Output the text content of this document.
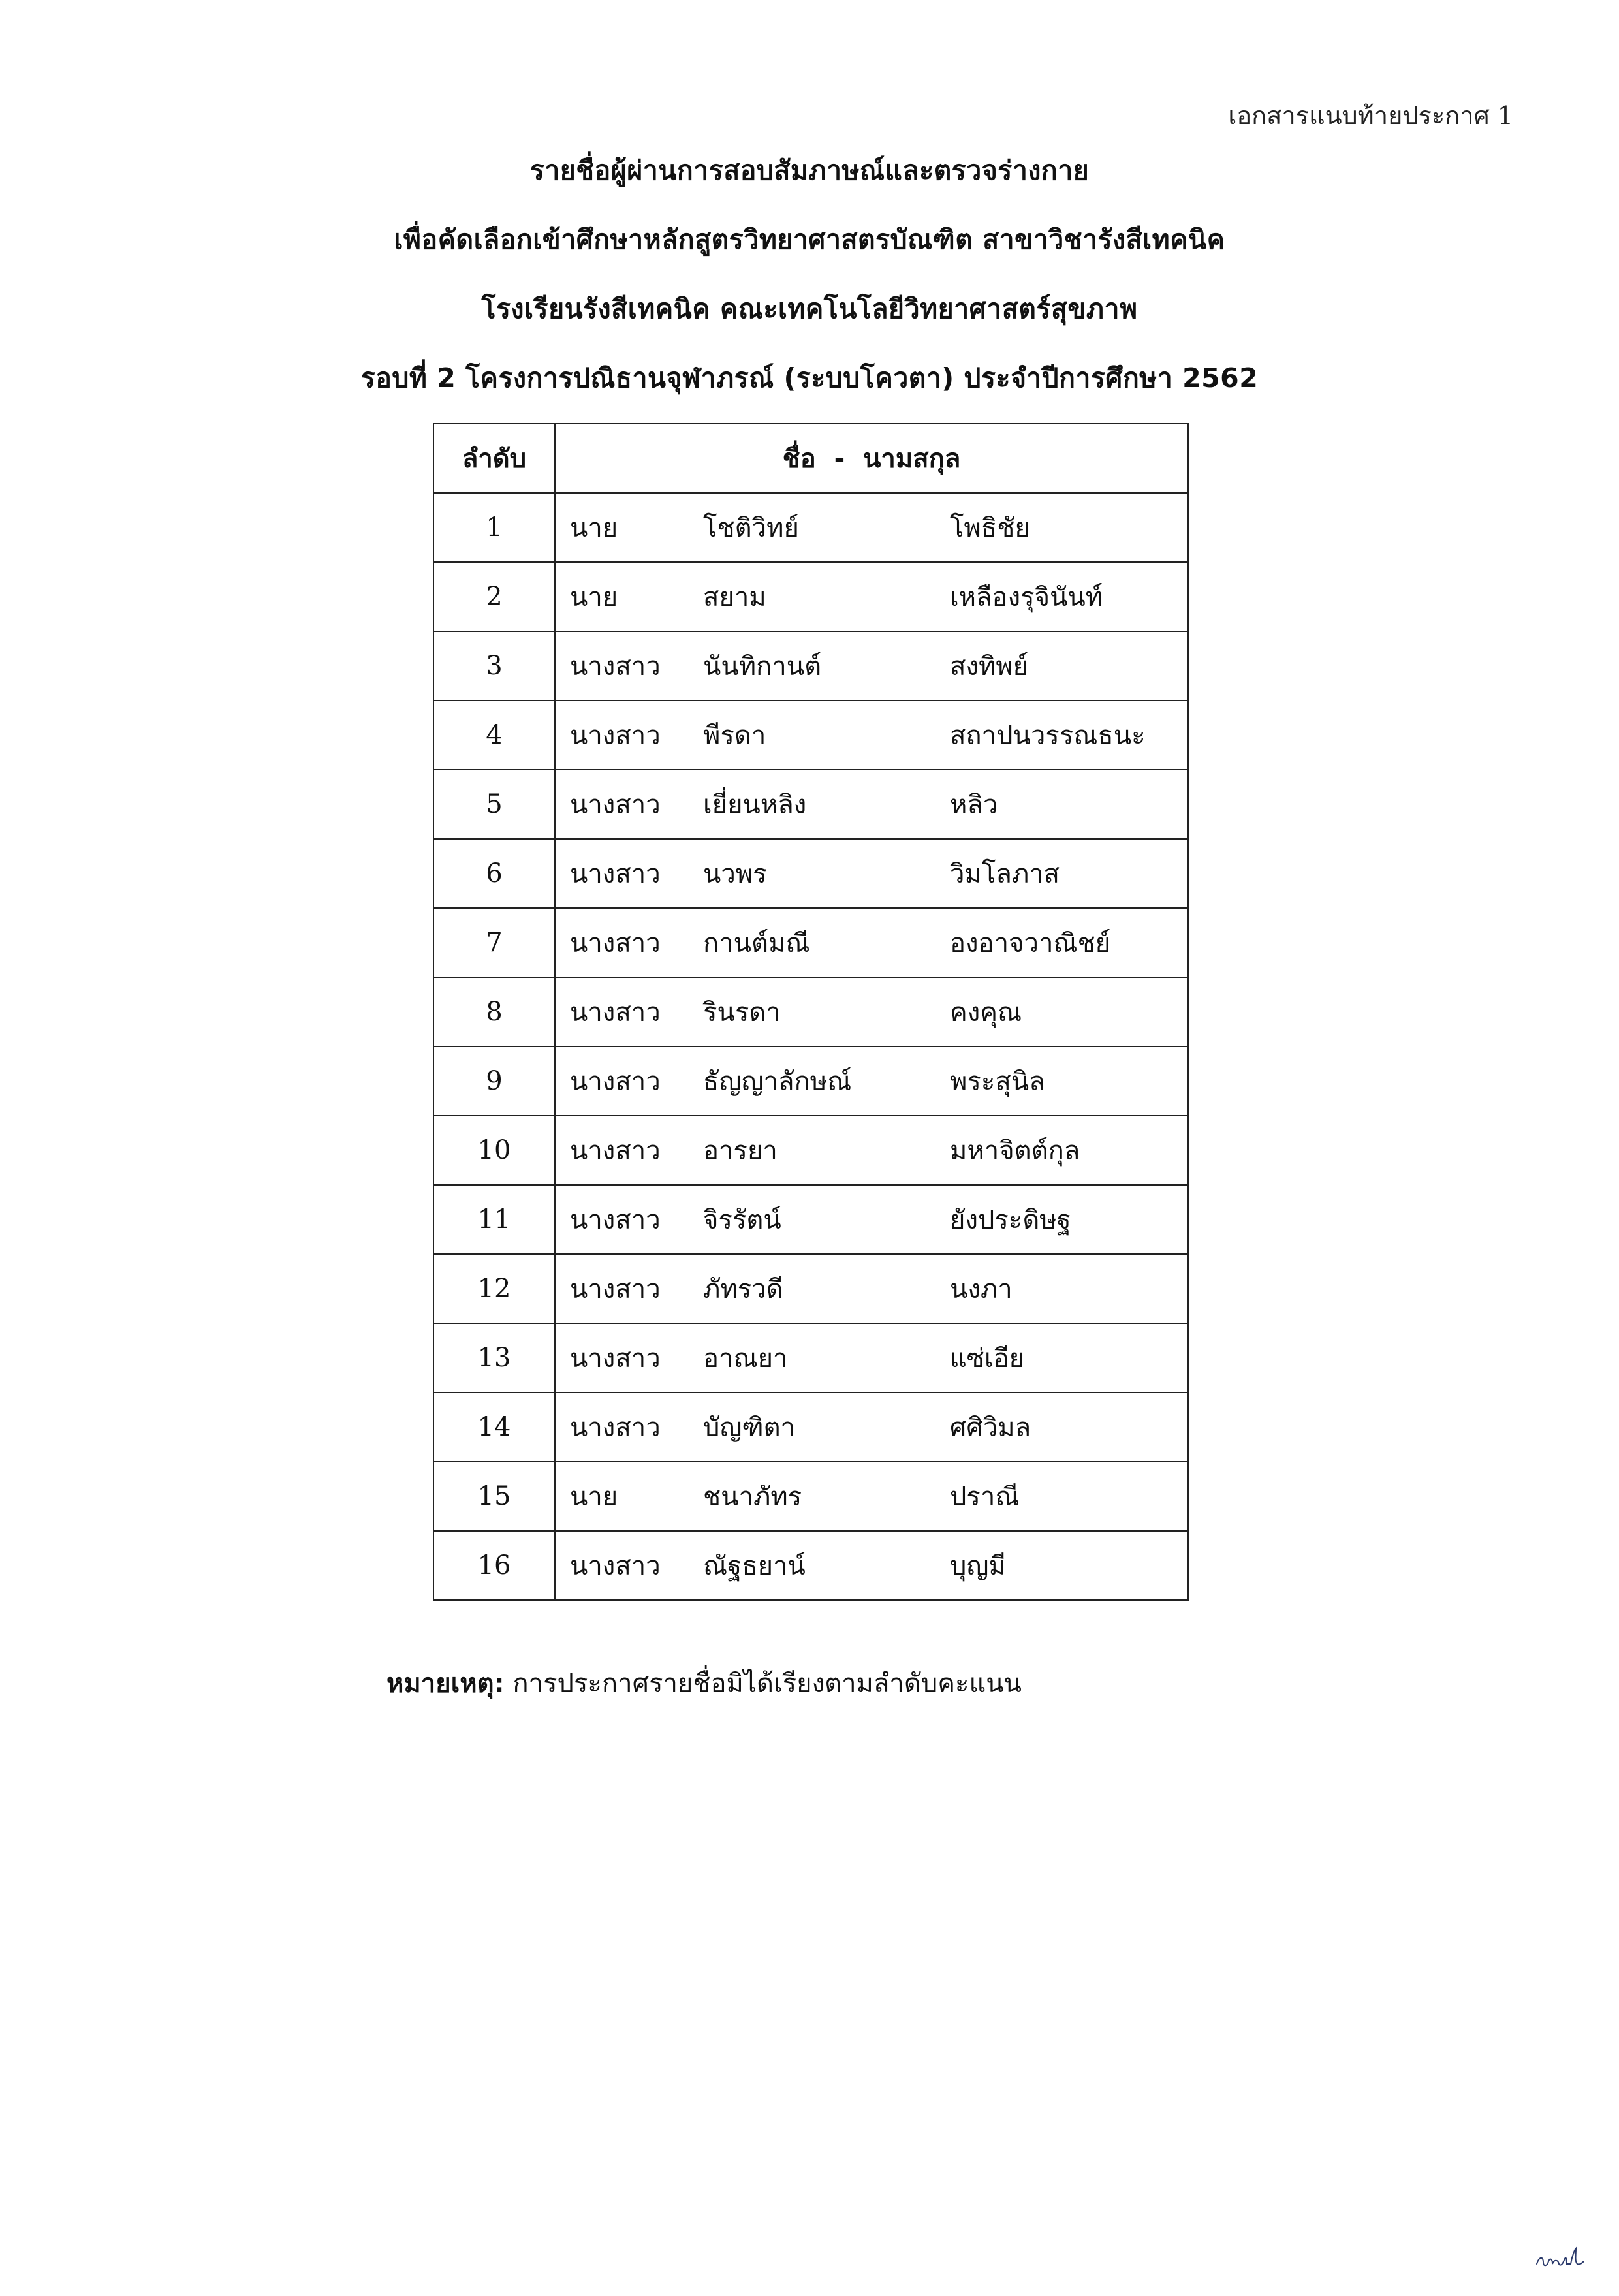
เอกสารแนบท้ายประกาศ 1
รายชื่อผู้ผ่านการสอบสัมภาษณ์และตรวจร่างกาย
เพื่อคัดเลือกเข้าศึกษาหลักสูตรวิทยาศาสตรบัณฑิต สาขาวิชารังสีเทคนิค
โรงเรียนรังสีเทคนิค คณะเทคโนโลยีวิทยาศาสตร์สุขภาพ
รอบที่ 2 โครงการปณิธานจุฬาภรณ์ (ระบบโควตา) ประจำปีการศึกษา 2562
ลำดับ	ชื่อ  -  นามสกุล
1	นาย โชติวิทย์ โพธิชัย

2	นาย สยาม เหลืองรุจินันท์

3	นางสาว นันทิกานต์ สงทิพย์

4	นางสาว พีรดา สถาปนวรรณธนะ

5	นางสาว เยี่ยนหลิง หลิว

6	นางสาว นวพร วิมโลภาส

7	นางสาว กานต์มณี องอาจวาณิชย์

8	นางสาว รินรดา คงคุณ

9	นางสาว ธัญญาลักษณ์ พระสุนิล

10	นางสาว อารยา มหาจิตต์กุล

11	นางสาว จิรรัตน์ ยังประดิษฐ

12	นางสาว ภัทรวดี นงภา

13	นางสาว อาณยา แซ่เอีย

14	นางสาว บัญฑิตา ศศิวิมล

15	นาย ชนาภัทร ปราณี

16	นางสาว ณัฐธยาน์ บุญมี
หมายเหตุ: การประกาศรายชื่อมิได้เรียงตามลำดับคะแนน
